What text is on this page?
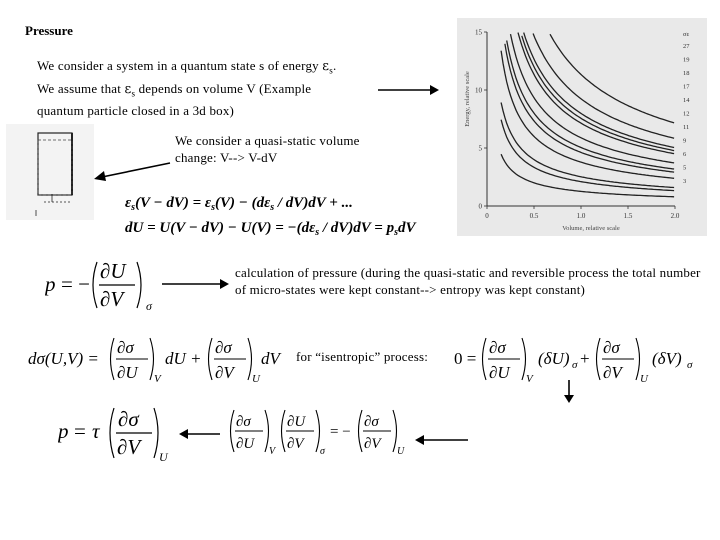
Pressure
We consider a system in a quantum state s of energy $\varepsilon_s$.
We assume that $\varepsilon_s$ depends on volume V (Example
quantum particle closed in a 3d box)
0	0.5	1.0	1.5	2.0
0
5
10
15
Volume, relative scale
Energy, relative scale
σε
27
19
18
17
14
12
11
9
6
5
3
We consider a quasi-static volume
change: V--> V-dV
$\varepsilon_s(V - dV) = \varepsilon_s(V) - (d\varepsilon_s / dV)dV$ + ...
dU = $U(V - dV) - U(V) = -(d\varepsilon_s / dV)dV = p_sdV$
p = −
∂U
∂V σ
calculation of pressure (during the quasi-static and reversible process the total number of micro-states were kept constant--> entropy was kept constant)
dσ(U,V) =
∂σ
∂U V
dU +
∂σ
∂V U
dV for “isentropic” process: 0 =
∂σ
∂U V
(δU) σ +
∂σ
∂V U
(δV) σ
p = τ ∂σ
∂V U
∂σ
∂U V
∂U
∂V σ
= −
∂σ
∂V U
